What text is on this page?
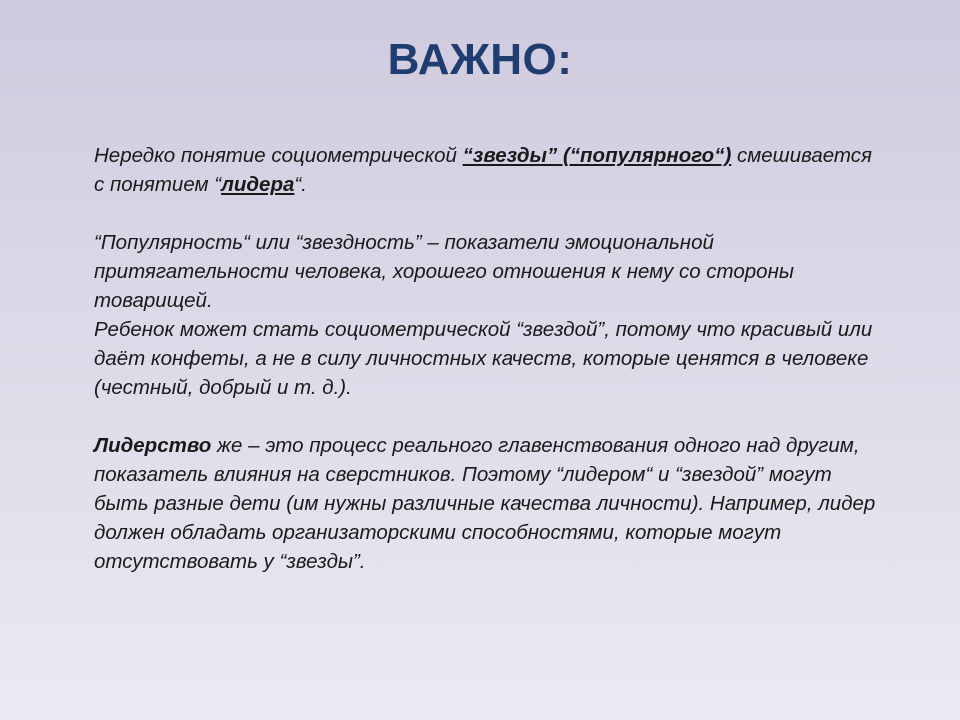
ВАЖНО:

Нередко понятие социометрической “звезды” (“популярного“) смешивается с понятием “лидера“.

“Популярность“ или “звездность” – показатели эмоциональной притягательности человека, хорошего отношения к нему со стороны товарищей.

Ребенок может стать социометрической “звездой”, потому что красивый или даёт конфеты, а не в силу личностных качеств, которые ценятся в человеке (честный, добрый и т. д.).

Лидерство же – это процесс реального главенствования одного над другим, показатель влияния на сверстников. Поэтому “лидером“ и “звездой” могут быть разные дети (им нужны различные качества личности). Например, лидер должен обладать организаторскими способностями, которые могут отсутствовать у “звезды”.
